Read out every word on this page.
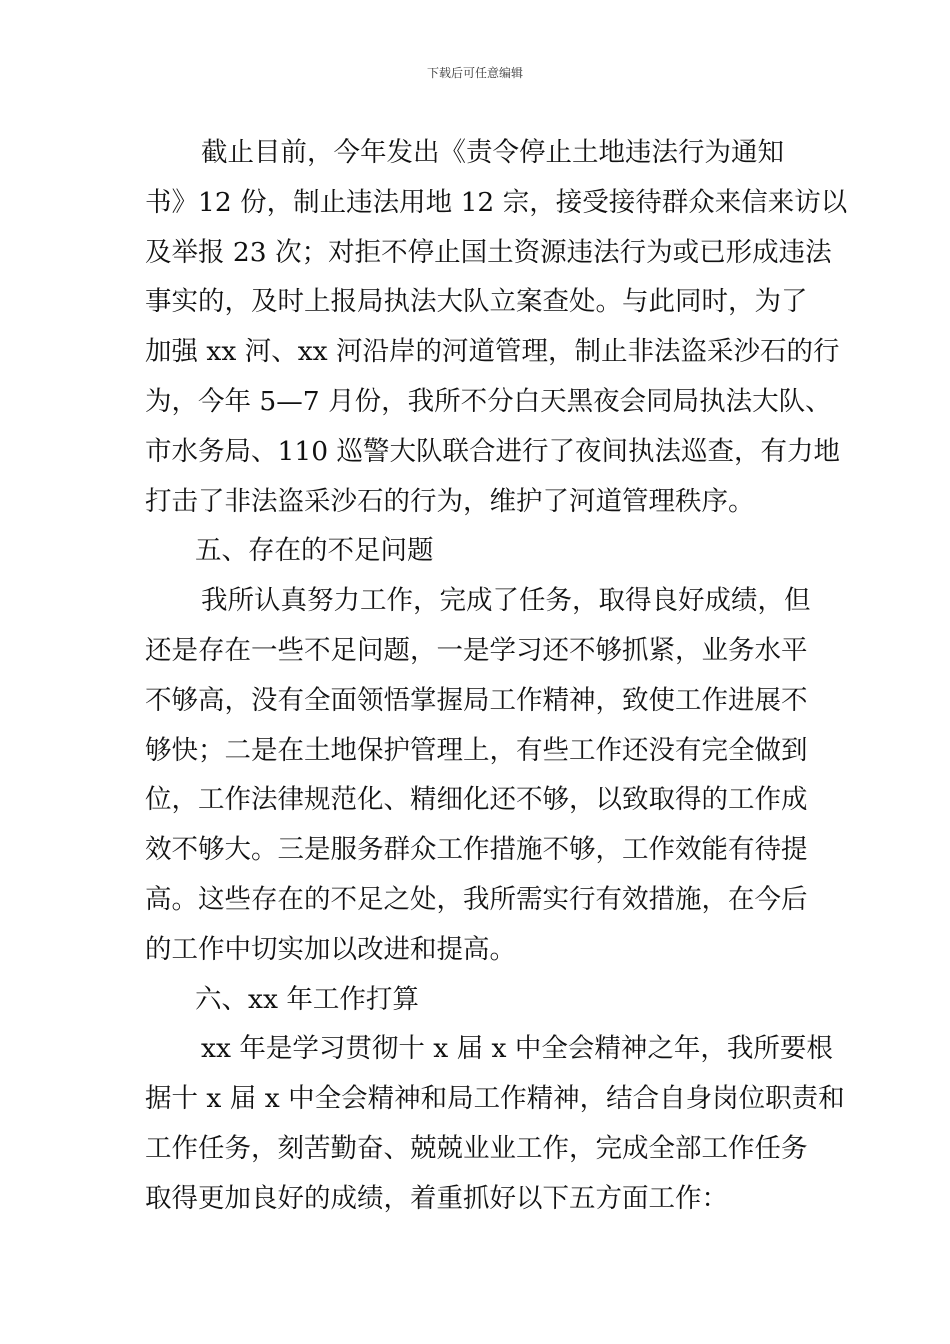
下载后可任意编辑
截止目前，今年发出《责令停止土地违法行为通知
书》12 份，制止违法用地 12 宗，接受接待群众来信来访以
及举报 23 次；对拒不停止国土资源违法行为或已形成违法
事实的，及时上报局执法大队立案查处。与此同时，为了
加强 xx 河、xx 河沿岸的河道管理，制止非法盗采沙石的行
为，今年 5—7 月份，我所不分白天黑夜会同局执法大队、
市水务局、110 巡警大队联合进行了夜间执法巡查，有力地
打击了非法盗采沙石的行为，维护了河道管理秩序。
五、存在的不足问题
我所认真努力工作，完成了任务，取得良好成绩，但
还是存在一些不足问题，一是学习还不够抓紧，业务水平
不够高，没有全面领悟掌握局工作精神，致使工作进展不
够快；二是在土地保护管理上，有些工作还没有完全做到
位，工作法律规范化、精细化还不够，以致取得的工作成
效不够大。三是服务群众工作措施不够，工作效能有待提
高。这些存在的不足之处，我所需实行有效措施，在今后
的工作中切实加以改进和提高。
六、xx 年工作打算
xx 年是学习贯彻十 x 届 x 中全会精神之年，我所要根
据十 x 届 x 中全会精神和局工作精神，结合自身岗位职责和
工作任务，刻苦勤奋、兢兢业业工作，完成全部工作任务
取得更加良好的成绩，着重抓好以下五方面工作：
